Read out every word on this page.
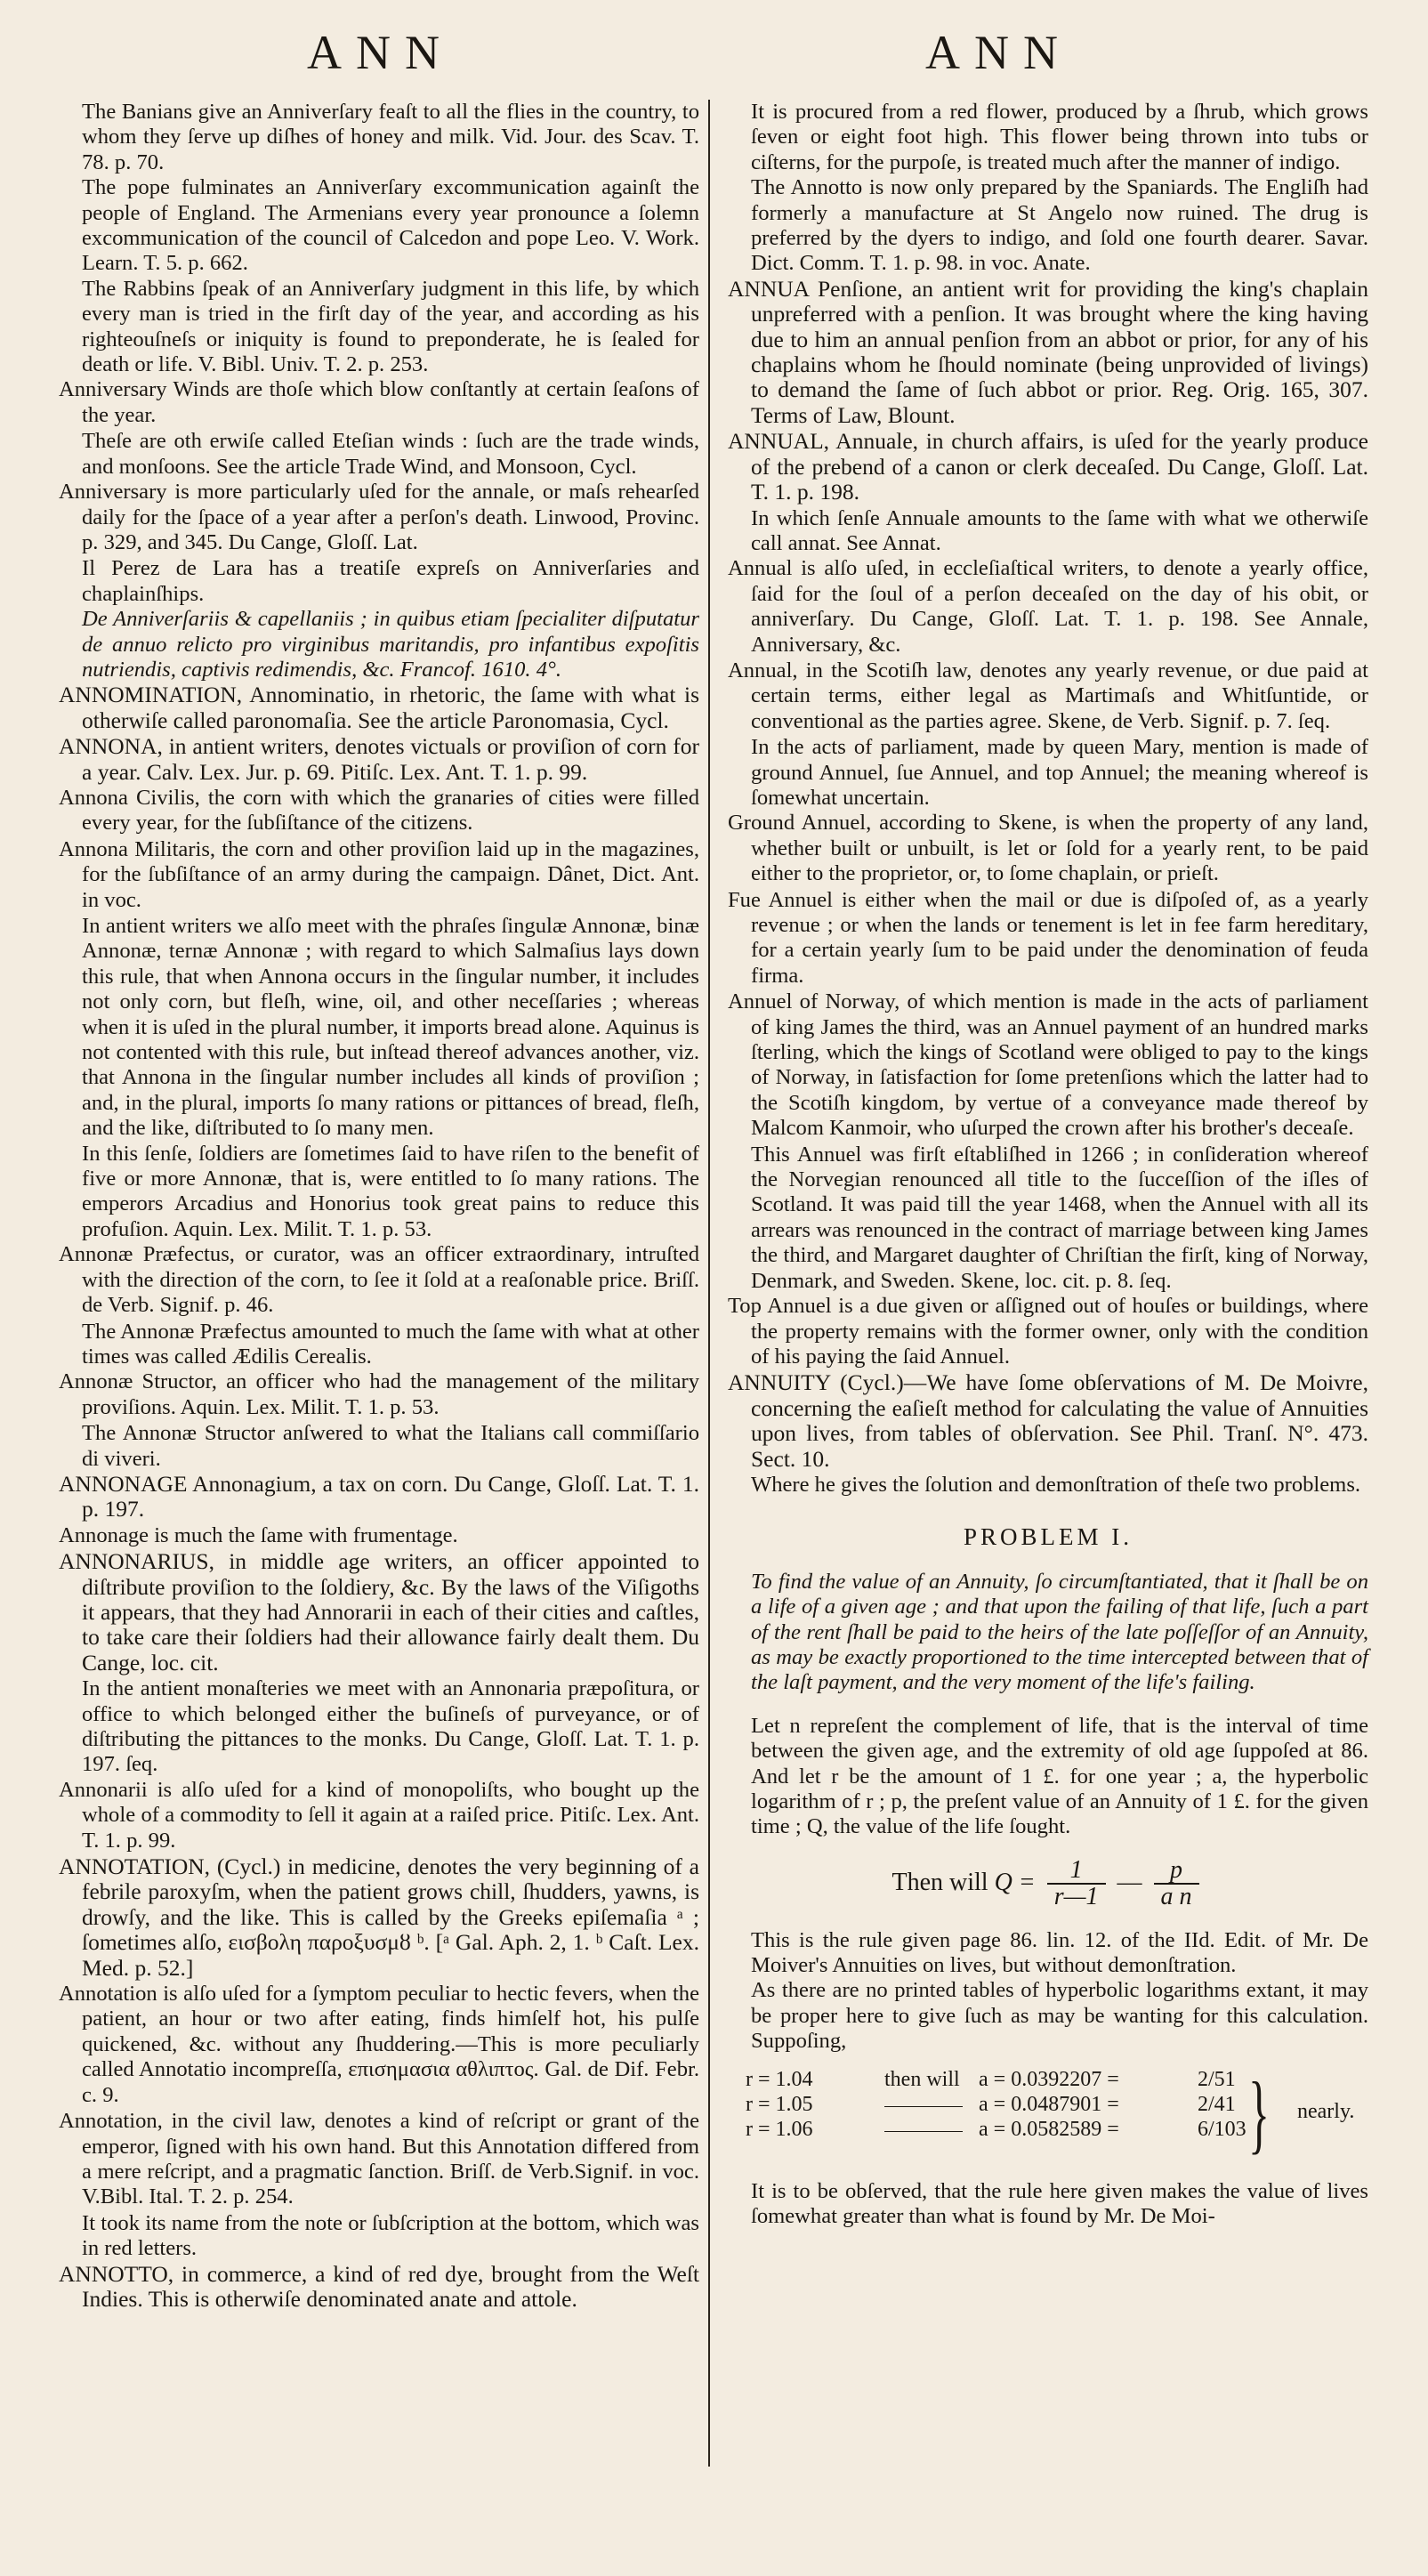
ANN	ANN

The Banians give an Anniverſary feaſt to all the flies in the country, to whom they ſerve up diſhes of honey and milk. Vid. Jour. des Scav. T. 78. p. 70.

The pope fulminates an Anniverſary excommunication againſt the people of England. The Armenians every year pronounce a ſolemn excommunication of the council of Calcedon and pope Leo. V. Work. Learn. T. 5. p. 662.

The Rabbins ſpeak of an Anniverſary judgment in this life, by which every man is tried in the firſt day of the year, and according as his righteouſneſs or iniquity is found to preponderate, he is ſealed for death or life. V. Bibl. Univ. T. 2. p. 253.

Anniversary Winds are thoſe which blow conſtantly at certain ſeaſons of the year.

Theſe are oth erwiſe called Eteſian winds : ſuch are the trade winds, and monſoons. See the article Trade Wind, and Monsoon, Cycl.

Anniversary is more particularly uſed for the annale, or maſs rehearſed daily for the ſpace of a year after a perſon's death. Linwood, Provinc. p. 329, and 345. Du Cange, Gloſſ. Lat.

Il Perez de Lara has a treatiſe expreſs on Anniverſaries and chaplainſhips.

De Anniverſariis & capellaniis ; in quibus etiam ſpecialiter diſputatur de annuo relicto pro virginibus maritandis, pro infantibus expoſitis nutriendis, captivis redimendis, &c. Francof. 1610. 4°.

ANNOMINATION, Annominatio, in rhetoric, the ſame with what is otherwiſe called paronomaſia. See the article Paronomasia, Cycl.

ANNONA, in antient writers, denotes victuals or proviſion of corn for a year. Calv. Lex. Jur. p. 69. Pitiſc. Lex. Ant. T. 1. p. 99.

Annona Civilis, the corn with which the granaries of cities were filled every year, for the ſubſiſtance of the citizens.

Annona Militaris, the corn and other proviſion laid up in the magazines, for the ſubſiſtance of an army during the campaign. Dânet, Dict. Ant. in voc.

In antient writers we alſo meet with the phraſes ſingulæ Annonæ, binæ Annonæ, ternæ Annonæ ; with regard to which Salmaſius lays down this rule, that when Annona occurs in the ſingular number, it includes not only corn, but fleſh, wine, oil, and other neceſſaries ; whereas when it is uſed in the plural number, it imports bread alone. Aquinus is not contented with this rule, but inſtead thereof advances another, viz. that Annona in the ſingular number includes all kinds of proviſion ; and, in the plural, imports ſo many rations or pittances of bread, fleſh, and the like, diſtributed to ſo many men.

In this ſenſe, ſoldiers are ſometimes ſaid to have riſen to the benefit of five or more Annonæ, that is, were entitled to ſo many rations. The emperors Arcadius and Honorius took great pains to reduce this profuſion. Aquin. Lex. Milit. T. 1. p. 53.

Annonæ Præfectus, or curator, was an officer extraordinary, intruſted with the direction of the corn, to ſee it ſold at a reaſonable price. Briſſ. de Verb. Signif. p. 46.

The Annonæ Præfectus amounted to much the ſame with what at other times was called Ædilis Cerealis.

Annonæ Structor, an officer who had the management of the military proviſions. Aquin. Lex. Milit. T. 1. p. 53.

The Annonæ Structor anſwered to what the Italians call commiſſario di viveri.

ANNONAGE Annonagium, a tax on corn. Du Cange, Gloſſ. Lat. T. 1. p. 197.

Annonage is much the ſame with frumentage.

ANNONARIUS, in middle age writers, an officer appointed to diſtribute proviſion to the ſoldiery, &c. By the laws of the Viſigoths it appears, that they had Annorarii in each of their cities and caſtles, to take care their ſoldiers had their allowance fairly dealt them. Du Cange, loc. cit.

In the antient monaſteries we meet with an Annonaria præpoſitura, or office to which belonged either the buſineſs of purveyance, or of diſtributing the pittances to the monks. Du Cange, Gloſſ. Lat. T. 1. p. 197. ſeq.

Annonarii is alſo uſed for a kind of monopoliſts, who bought up the whole of a commodity to ſell it again at a raiſed price. Pitiſc. Lex. Ant. T. 1. p. 99.

ANNOTATION, (Cycl.) in medicine, denotes the very beginning of a febrile paroxyſm, when the patient grows chill, ſhudders, yawns, is drowſy, and the like. This is called by the Greeks epiſemaſia ᵃ ; ſometimes alſo, εισβολη παροξυσμȣ ᵇ. [ᵃ Gal. Aph. 2, 1. ᵇ Caſt. Lex. Med. p. 52.]

Annotation is alſo uſed for a ſymptom peculiar to hectic fevers, when the patient, an hour or two after eating, finds himſelf hot, his pulſe quickened, &c. without any ſhuddering.—This is more peculiarly called Annotatio incompreſſa, επισημασια αθλιπτος. Gal. de Dif. Febr. c. 9.

Annotation, in the civil law, denotes a kind of reſcript or grant of the emperor, ſigned with his own hand. But this Annotation differed from a mere reſcript, and a pragmatic ſanction. Briſſ. de Verb.Signif. in voc. V.Bibl. Ital. T. 2. p. 254.

It took its name from the note or ſubſcription at the bottom, which was in red letters.

ANNOTTO, in commerce, a kind of red dye, brought from the Weſt Indies. This is otherwiſe denominated anate and attole.

It is procured from a red flower, produced by a ſhrub, which grows ſeven or eight foot high. This flower being thrown into tubs or ciſterns, for the purpoſe, is treated much after the manner of indigo.

The Annotto is now only prepared by the Spaniards. The Engliſh had formerly a manufacture at St Angelo now ruined. The drug is preferred by the dyers to indigo, and ſold one fourth dearer. Savar. Dict. Comm. T. 1. p. 98. in voc. Anate.

ANNUA Penſione, an antient writ for providing the king's chaplain unpreferred with a penſion. It was brought where the king having due to him an annual penſion from an abbot or prior, for any of his chaplains whom he ſhould nominate (being unprovided of livings) to demand the ſame of ſuch abbot or prior. Reg. Orig. 165, 307. Terms of Law, Blount.

ANNUAL, Annuale, in church affairs, is uſed for the yearly produce of the prebend of a canon or clerk deceaſed. Du Cange, Gloſſ. Lat. T. 1. p. 198.

In which ſenſe Annuale amounts to the ſame with what we otherwiſe call annat. See Annat.

Annual is alſo uſed, in eccleſiaſtical writers, to denote a yearly office, ſaid for the ſoul of a perſon deceaſed on the day of his obit, or anniverſary. Du Cange, Gloſſ. Lat. T. 1. p. 198. See Annale, Anniversary, &c.

Annual, in the Scotiſh law, denotes any yearly revenue, or due paid at certain terms, either legal as Martimaſs and Whitſuntide, or conventional as the parties agree. Skene, de Verb. Signif. p. 7. ſeq.

In the acts of parliament, made by queen Mary, mention is made of ground Annuel, ſue Annuel, and top Annuel; the meaning whereof is ſomewhat uncertain.

Ground Annuel, according to Skene, is when the property of any land, whether built or unbuilt, is let or ſold for a yearly rent, to be paid either to the proprietor, or, to ſome chaplain, or prieſt.

Fue Annuel is either when the mail or due is diſpoſed of, as a yearly revenue ; or when the lands or tenement is let in fee farm hereditary, for a certain yearly ſum to be paid under the denomination of feuda firma.

Annuel of Norway, of which mention is made in the acts of parliament of king James the third, was an Annuel payment of an hundred marks ſterling, which the kings of Scotland were obliged to pay to the kings of Norway, in ſatisfaction for ſome pretenſions which the latter had to the Scotiſh kingdom, by vertue of a conveyance made thereof by Malcom Kanmoir, who uſurped the crown after his brother's deceaſe.

This Annuel was firſt eſtabliſhed in 1266 ; in conſideration whereof the Norvegian renounced all title to the ſucceſſion of the iſles of Scotland. It was paid till the year 1468, when the Annuel with all its arrears was renounced in the contract of marriage between king James the third, and Margaret daughter of Chriſtian the firſt, king of Norway, Denmark, and Sweden. Skene, loc. cit. p. 8. ſeq.

Top Annuel is a due given or aſſigned out of houſes or buildings, where the property remains with the former owner, only with the condition of his paying the ſaid Annuel.

ANNUITY (Cycl.)—We have ſome obſervations of M. De Moivre, concerning the eaſieſt method for calculating the value of Annuities upon lives, from tables of obſervation. See Phil. Tranſ. N°. 473. Sect. 10.

Where he gives the ſolution and demonſtration of theſe two problems.

PROBLEM I.

To find the value of an Annuity, ſo circumſtantiated, that it ſhall be on a life of a given age ; and that upon the failing of that life, ſuch a part of the rent ſhall be paid to the heirs of the late poſſeſſor of an Annuity, as may be exactly proportioned to the time intercepted between that of the laſt payment, and the very moment of the life's failing.

Let n repreſent the complement of life, that is the interval of time between the given age, and the extremity of old age ſuppoſed at 86. And let r be the amount of 1 £. for one year ; a, the hyperbolic logarithm of r ; p, the preſent value of an Annuity of 1 £. for the given time ; Q, the value of the life ſought.

Then will $Q = \frac{1}{r—1}$ — $\frac{p}{\text{a n}}$

This is the rule given page 86. lin. 12. of the IId. Edit. of Mr. De Moiver's Annuities on lives, but without demonſtration.

As there are no printed tables of hyperbolic logarithms extant, it may be proper here to give ſuch as may be wanting for this calculation. Suppoſing,

r = 1.04	then will a = 0.0392207 =	2/51
r = 1.05	a = 0.0487901 =	2/41
r = 1.06	a = 0.0582589 =	6/103 } nearly.

It is to be obſerved, that the rule here given makes the value of lives ſomewhat greater than what is found by Mr. De Moi-
